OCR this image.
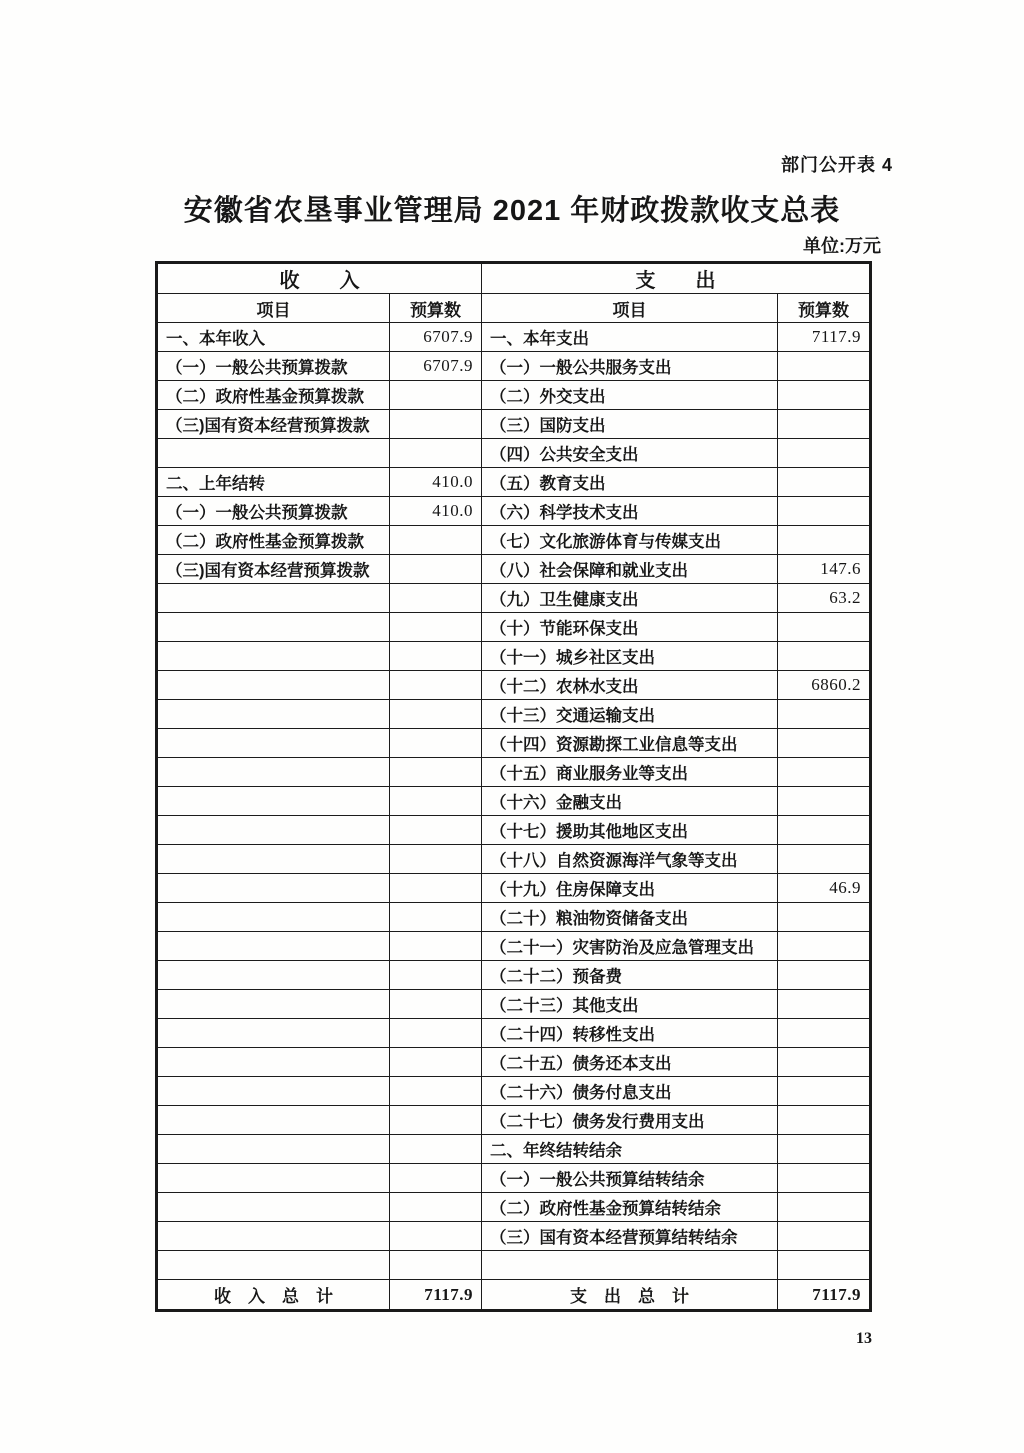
部门公开表 4
安徽省农垦事业管理局 2021 年财政拨款收支总表
单位:万元
收　　入		支　　出	
项目	预算数	项目	预算数
一、本年收入	6707.9	一、本年支出	7117.9
（一）一般公共预算拨款	6707.9	（一）一般公共服务支出	
（二）政府性基金预算拨款		（二）外交支出	
（三)国有资本经营预算拨款		（三）国防支出	
		（四）公共安全支出	
二、上年结转	410.0	（五）教育支出	
（一）一般公共预算拨款	410.0	（六）科学技术支出	
（二）政府性基金预算拨款		（七）文化旅游体育与传媒支出	
（三)国有资本经营预算拨款		（八）社会保障和就业支出	147.6
		（九）卫生健康支出	63.2
		（十）节能环保支出	
		（十一）城乡社区支出	
		（十二）农林水支出	6860.2
		（十三）交通运输支出	
		（十四）资源勘探工业信息等支出	
		（十五）商业服务业等支出	
		（十六）金融支出	
		（十七）援助其他地区支出	
		（十八）自然资源海洋气象等支出	
		（十九）住房保障支出	46.9
		（二十）粮油物资储备支出	
		（二十一）灾害防治及应急管理支出	
		（二十二）预备费	
		（二十三）其他支出	
		（二十四）转移性支出	
		（二十五）债务还本支出	
		（二十六）债务付息支出	
		（二十七）债务发行费用支出	
		二、年终结转结余	
		（一）一般公共预算结转结余	
		（二）政府性基金预算结转结余	
		（三）国有资本经营预算结转结余	

收　入　总　计	7117.9	支　出　总　计	7117.9
13
